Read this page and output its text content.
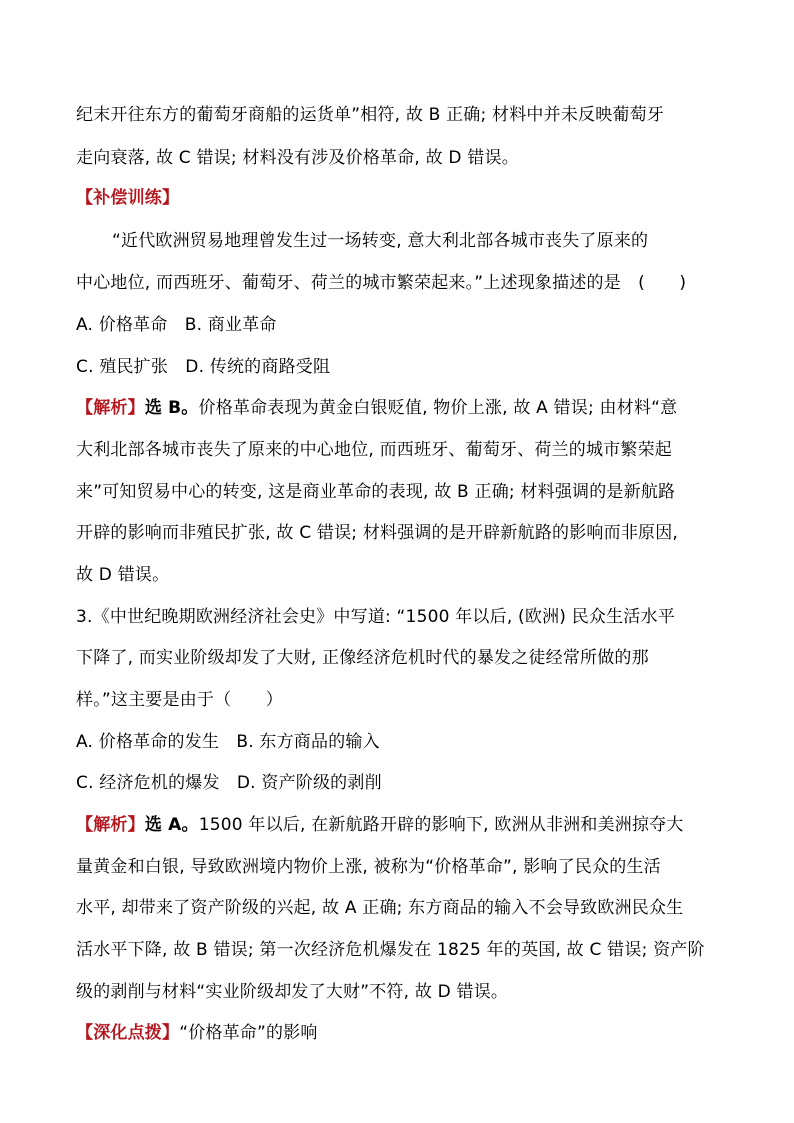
纪末开往东方的葡萄牙商船的运货单”相符, 故 B 正确; 材料中并未反映葡萄牙
走向衰落, 故 C 错误; 材料没有涉及价格革命, 故 D 错误。
【补偿训练】
“近代欧洲贸易地理曾发生过一场转变, 意大利北部各城市丧失了原来的
中心地位, 而西班牙、葡萄牙、荷兰的城市繁荣起来。”上述现象描述的是　(　　)
A. 价格革命　B. 商业革命
C. 殖民扩张　D. 传统的商路受阻
【解析】选 B。价格革命表现为黄金白银贬值, 物价上涨, 故 A 错误; 由材料“意
大利北部各城市丧失了原来的中心地位, 而西班牙、葡萄牙、荷兰的城市繁荣起
来”可知贸易中心的转变, 这是商业革命的表现, 故 B 正确; 材料强调的是新航路
开辟的影响而非殖民扩张, 故 C 错误; 材料强调的是开辟新航路的影响而非原因,
故 D 错误。
3.《中世纪晚期欧洲经济社会史》中写道: “1500 年以后, (欧洲) 民众生活水平
下降了, 而实业阶级却发了大财, 正像经济危机时代的暴发之徒经常所做的那
样。”这主要是由于（　　）
A. 价格革命的发生　B. 东方商品的输入
C. 经济危机的爆发　D. 资产阶级的剥削
【解析】选 A。1500 年以后, 在新航路开辟的影响下, 欧洲从非洲和美洲掠夺大
量黄金和白银, 导致欧洲境内物价上涨, 被称为“价格革命”, 影响了民众的生活
水平, 却带来了资产阶级的兴起, 故 A 正确; 东方商品的输入不会导致欧洲民众生
活水平下降, 故 B 错误; 第一次经济危机爆发在 1825 年的英国, 故 C 错误; 资产阶
级的剥削与材料“实业阶级却发了大财”不符, 故 D 错误。
【深化点拨】“价格革命”的影响
